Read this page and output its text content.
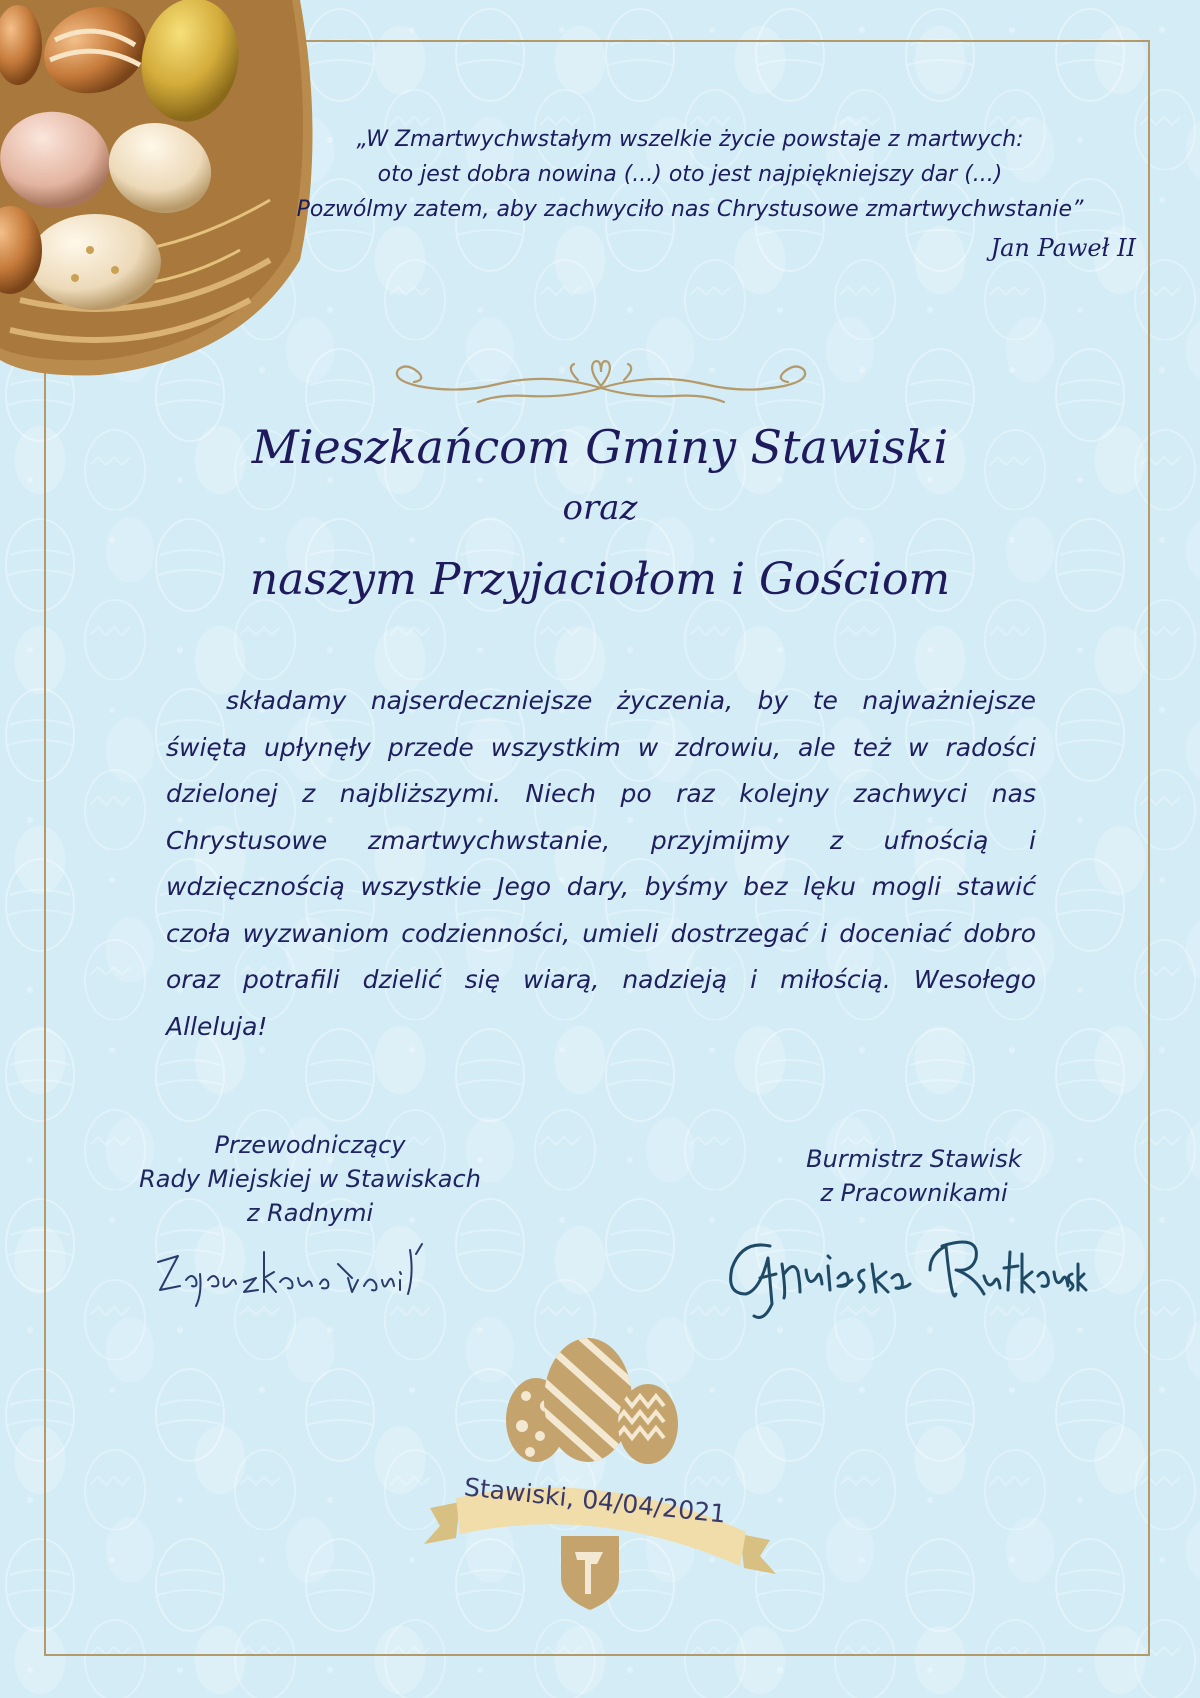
„W Zmartwychwstałym wszelkie życie powstaje z martwych:
oto jest dobra nowina (...) oto jest najpiękniejszy dar (...)
Pozwólmy zatem, aby zachwyciło nas Chrystusowe zmartwychwstanie”
Jan Paweł II
Mieszkańcom Gminy Stawiski
oraz
naszym Przyjaciołom i Gościom
składamy najserdeczniejsze życzenia, by te najważniejsze święta upłynęły przede wszystkim w zdrowiu, ale też w radości dzielonej z najbliższymi. Niech po raz kolejny zachwyci nas Chrystusowe zmartwychwstanie, przyjmijmy z ufnością i wdzięcznością wszystkie Jego dary, byśmy bez lęku mogli stawić czoła wyzwaniom codzienności, umieli dostrzegać i doceniać dobro oraz potrafili dzielić się wiarą, nadzieją i miłością. Wesołego Alleluja!
Przewodniczący
Rady Miejskiej w Stawiskach
z Radnymi
Burmistrz Stawisk
z Pracownikami
Stawiski, 04/04/2021
